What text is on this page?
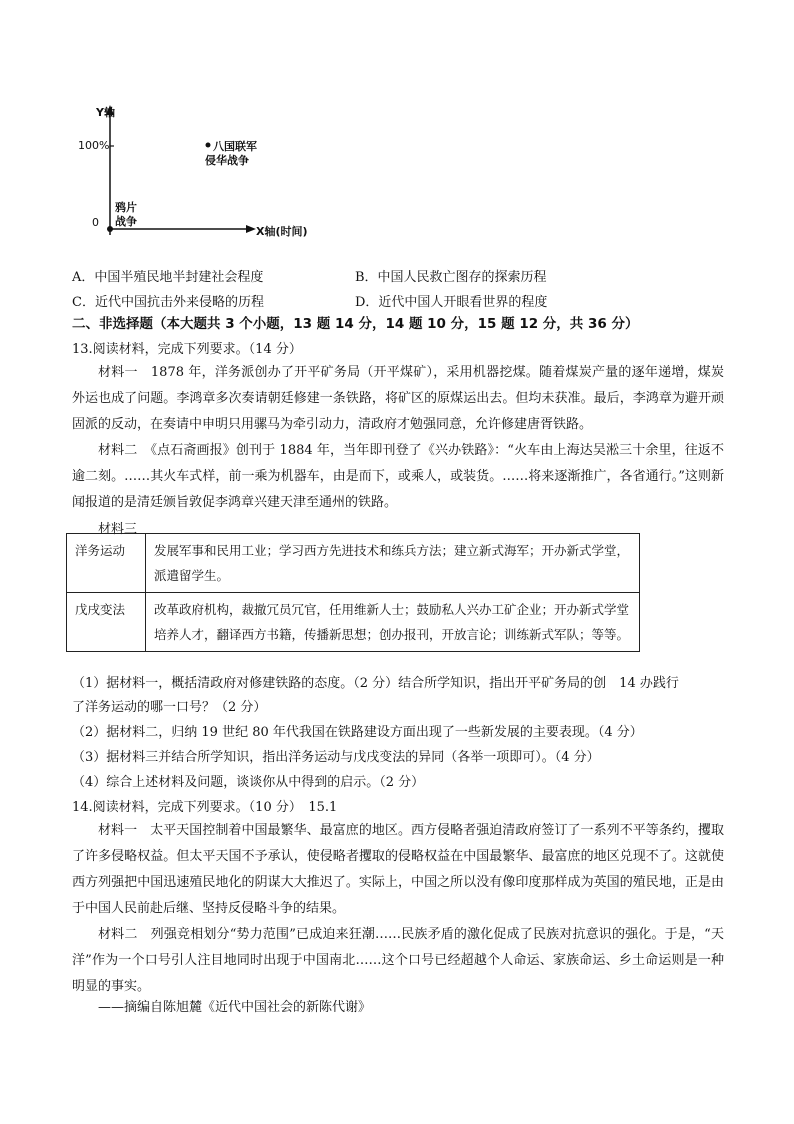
Y轴
X轴(时间)
100%
0
鸦片
战争
八国联军
侵华战争
A．中国半殖民地半封建社会程度	B．中国人民救亡图存的探索历程
C．近代中国抗击外来侵略的历程	D．近代中国人开眼看世界的程度
二、非选择题（本大题共 3 个小题，13 题 14 分，14 题 10 分，15 题 12 分，共 36 分）
13.阅读材料，完成下列要求。（14 分）
材料一　1878 年，洋务派创办了开平矿务局（开平煤矿），采用机器挖煤。随着煤炭产量的逐年递增，煤炭外运也成了问题。李鸿章多次奏请朝廷修建一条铁路，将矿区的原煤运出去。但均未获准。最后，李鸿章为避开顽固派的反动，在奏请中申明只用骡马为牵引动力，清政府才勉强同意，允许修建唐胥铁路。
材料二　《点石斋画报》创刊于 1884 年，当年即刊登了《兴办铁路》：“火车由上海达吴淞三十余里，往返不逾二刻。……其火车式样，前一乘为机器车，由是而下，或乘人，或装货。……将来逐渐推广，各省通行。”这则新闻报道的是清廷颁旨敦促李鸿章兴建天津至通州的铁路。
材料三
洋务运动	发展军事和民用工业；学习西方先进技术和练兵方法；建立新式海军；开办新式学堂，派遣留学生。
戊戌变法	改革政府机构，裁撤冗员冗官，任用维新人士；鼓励私人兴办工矿企业；开办新式学堂　培养人才，翻译西方书籍，传播新思想；创办报刊，开放言论；训练新式军队；等等。
（1）据材料一，概括清政府对修建铁路的态度。（2 分）结合所学知识，指出开平矿务局的创　14 办践行
了洋务运动的哪一口号？（2 分）
（2）据材料二，归纳 19 世纪 80 年代我国在铁路建设方面出现了一些新发展的主要表现。（4 分）
（3）据材料三并结合所学知识，指出洋务运动与戊戌变法的异同（各举一项即可）。（4 分）
（4）综合上述材料及问题，谈谈你从中得到的启示。（2 分）
14.阅读材料，完成下列要求。（10 分）　15.1
材料一　太平天国控制着中国最繁华、最富庶的地区。西方侵略者强迫清政府签订了一系列不平等条约，攫取了许多侵略权益。但太平天国不予承认，使侵略者攫取的侵略权益在中国最繁华、最富庶的地区兑现不了。这就使西方列强把中国迅速殖民地化的阴谋大大推迟了。实际上，中国之所以没有像印度那样成为英国的殖民地，正是由于中国人民前赴后继、坚持反侵略斗争的结果。
材料二　列强竞相划分“势力范围”已成迫来狂潮……民族矛盾的激化促成了民族对抗意识的强化。于是，“天洋”作为一个口号引人注目地同时出现于中国南北……这个口号已经超越个人命运、家族命运、乡土命运则是一种明显的事实。
——摘编自陈旭麓《近代中国社会的新陈代谢》
